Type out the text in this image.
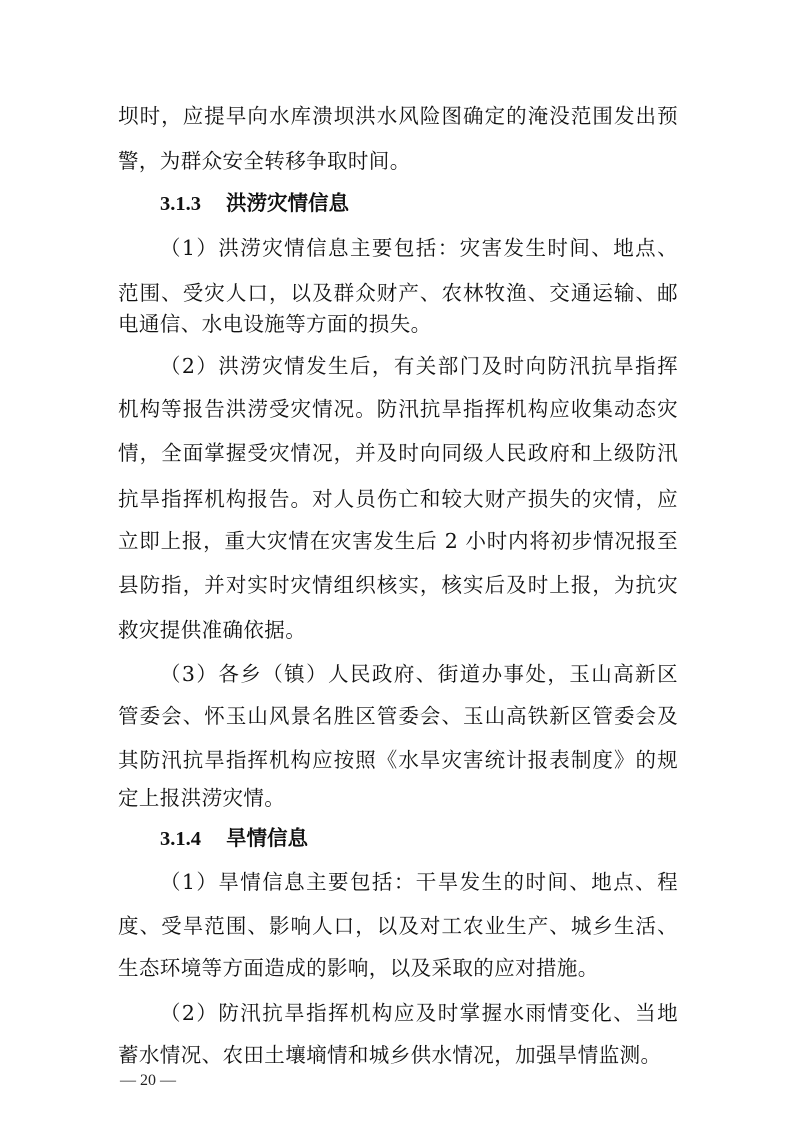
坝时，应提早向水库溃坝洪水风险图确定的淹没范围发出预
警，为群众安全转移争取时间。
3.1.3 洪涝灾情信息
（1）洪涝灾情信息主要包括：灾害发生时间、地点、
范围、受灾人口，以及群众财产、农林牧渔、交通运输、邮
电通信、水电设施等方面的损失。
（2）洪涝灾情发生后，有关部门及时向防汛抗旱指挥
机构等报告洪涝受灾情况。防汛抗旱指挥机构应收集动态灾
情，全面掌握受灾情况，并及时向同级人民政府和上级防汛
抗旱指挥机构报告。对人员伤亡和较大财产损失的灾情，应
立即上报，重大灾情在灾害发生后 2 小时内将初步情况报至
县防指，并对实时灾情组织核实，核实后及时上报，为抗灾
救灾提供准确依据。
（3）各乡（镇）人民政府、街道办事处，玉山高新区
管委会、怀玉山风景名胜区管委会、玉山高铁新区管委会及
其防汛抗旱指挥机构应按照《水旱灾害统计报表制度》的规
定上报洪涝灾情。
3.1.4 旱情信息
（1）旱情信息主要包括：干旱发生的时间、地点、程
度、受旱范围、影响人口，以及对工农业生产、城乡生活、
生态环境等方面造成的影响，以及采取的应对措施。
（2）防汛抗旱指挥机构应及时掌握水雨情变化、当地
蓄水情况、农田土壤墒情和城乡供水情况，加强旱情监测。
— 20 —
